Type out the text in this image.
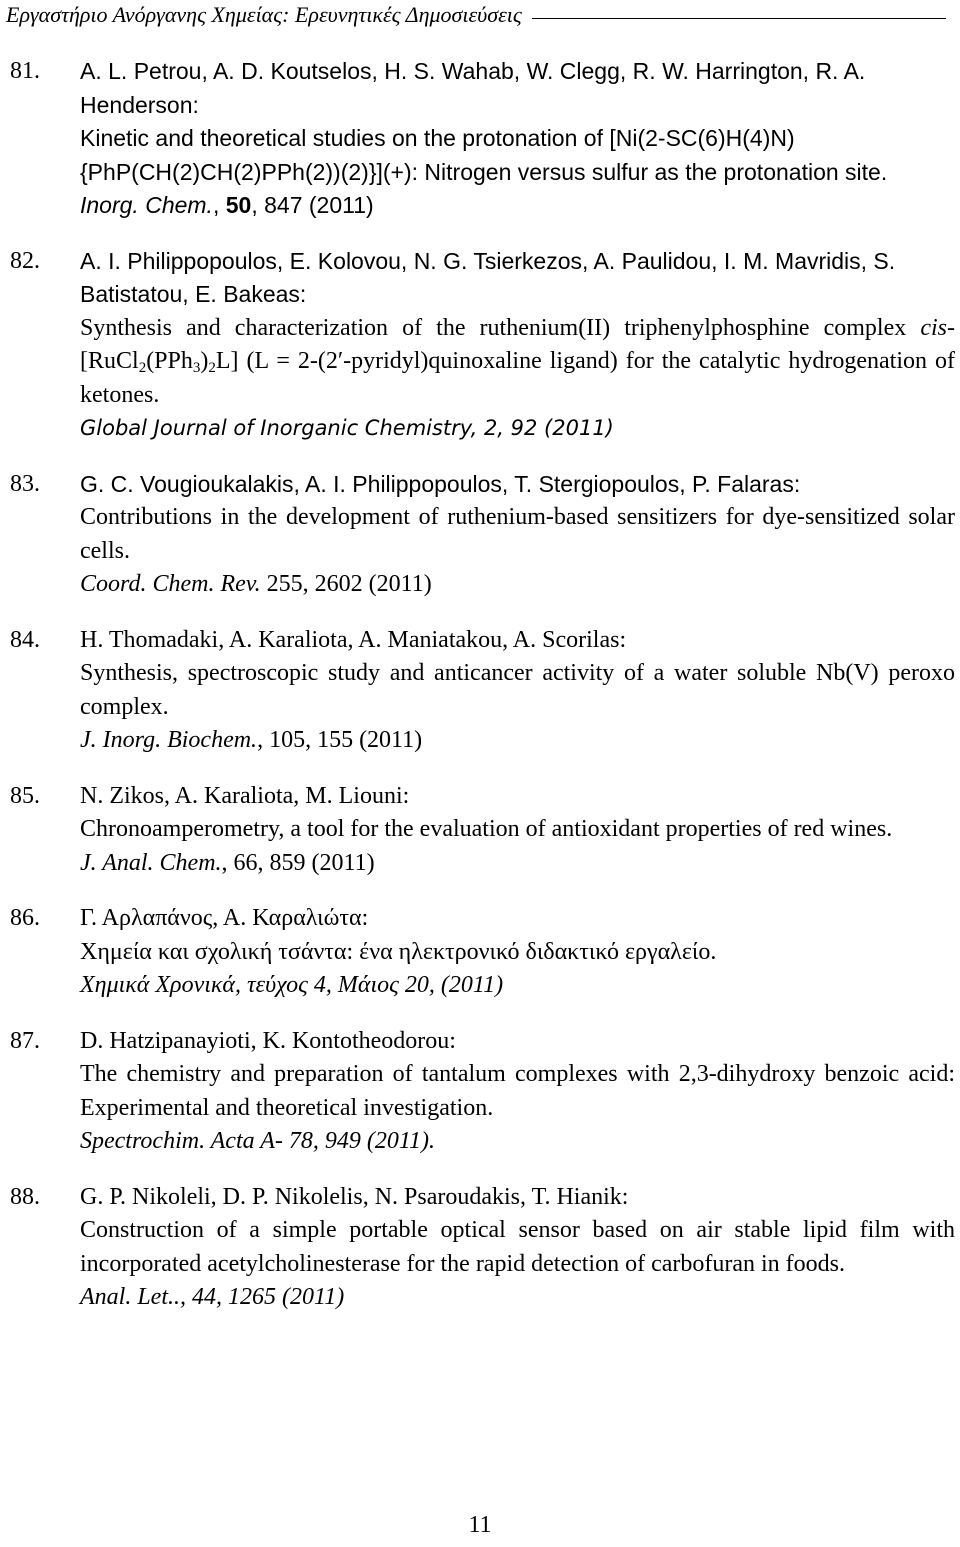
Εργαστήριο Ανόργανης Χημείας: Ερευνητικές Δημοσιεύσεις
81.	A. L. Petrou, A. D. Koutselos, H. S. Wahab, W. Clegg, R. W. Harrington, R. A. Henderson:
Kinetic and theoretical studies on the protonation of [Ni(2-SC(6)H(4)N){PhP(CH(2)CH(2)PPh(2))(2)}](+): Nitrogen versus sulfur as the protonation site.
Inorg. Chem., 50, 847 (2011)
82.	A. I. Philippopoulos, E. Kolovou, N. G. Tsierkezos, A. Paulidou, I. M. Mavridis, S. Batistatou, E. Bakeas:
Synthesis and characterization of the ruthenium(II) triphenylphosphine complex cis-$[RuCl_2(PPh_3)_2L] (L$ = 2-(2′-pyridyl)quinoxaline ligand) for the catalytic hydrogenation of ketones.
Global Journal of Inorganic Chemistry, 2, 92 (2011)
83.	G. C. Vougioukalakis, A. I. Philippopoulos, T. Stergiopoulos, P. Falaras:
Contributions in the development of ruthenium-based sensitizers for dye-sensitized solar cells.
Coord. Chem. Rev. 255, 2602 (2011)
84.	H. Thomadaki, A. Karaliota, A. Maniatakou, A. Scorilas:
Synthesis, spectroscopic study and anticancer activity of a water soluble Nb(V) peroxo complex.
J. Inorg. Biochem., 105, 155 (2011)
85.	N. Zikos, A. Karaliota, M. Liouni:
Chronoamperometry, a tool for the evaluation of antioxidant properties of red wines.
J. Anal. Chem., 66, 859 (2011)
86.	Γ. Αρλαπάνος, Α. Καραλιώτα:
Χημεία και σχολική τσάντα: ένα ηλεκτρονικό διδακτικό εργαλείο.
Χημικά Χρονικά, τεύχος 4, Μάιος 20, (2011)
87.	D. Hatzipanayioti, K. Kontotheodorou:
The chemistry and preparation of tantalum complexes with 2,3-dihydroxy benzoic acid: Experimental and theoretical investigation.
Spectrochim. Acta A- 78, 949 (2011).
88.	G. P. Nikoleli, D. P. Nikolelis, N. Psaroudakis, T. Hianik:
Construction of a simple portable optical sensor based on air stable lipid film with incorporated acetylcholinesterase for the rapid detection of carbofuran in foods.
Anal. Let.., 44, 1265 (2011)
11
